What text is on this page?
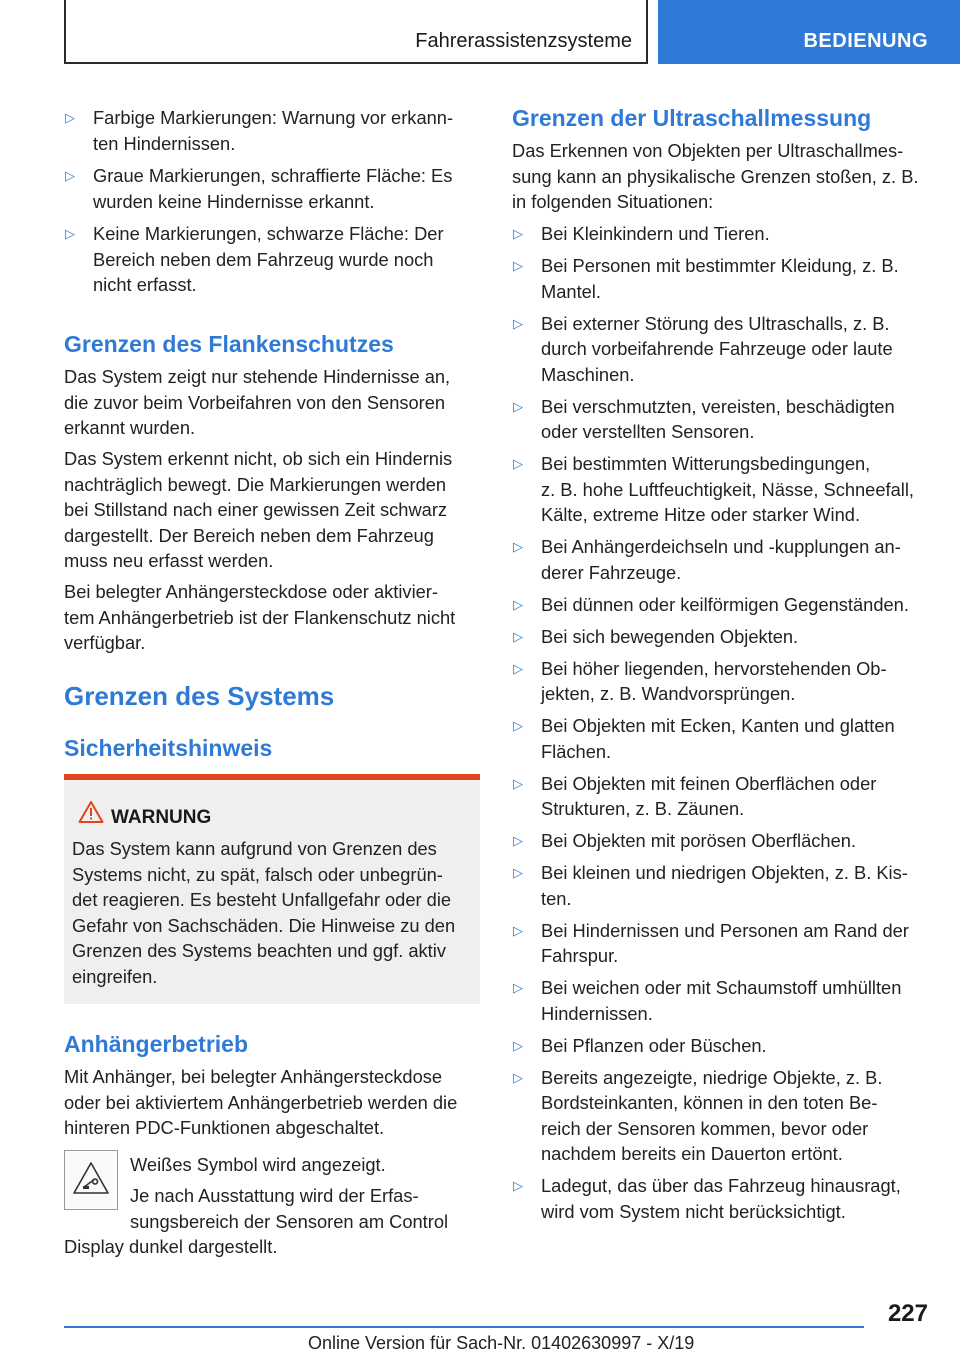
Fahrerassistenzsysteme	BEDIENUNG
▷ Farbige Markierungen: Warnung vor erkann-
ten Hindernissen.
▷ Graue Markierungen, schraffierte Fläche: Es
wurden keine Hindernisse erkannt.
▷ Keine Markierungen, schwarze Fläche: Der
Bereich neben dem Fahrzeug wurde noch
nicht erfasst.
Grenzen des Flankenschutzes
Das System zeigt nur stehende Hindernisse an,
die zuvor beim Vorbeifahren von den Sensoren
erkannt wurden.
Das System erkennt nicht, ob sich ein Hindernis
nachträglich bewegt. Die Markierungen werden
bei Stillstand nach einer gewissen Zeit schwarz
dargestellt. Der Bereich neben dem Fahrzeug
muss neu erfasst werden.
Bei belegter Anhängersteckdose oder aktivier-
tem Anhängerbetrieb ist der Flankenschutz nicht
verfügbar.
Grenzen des Systems
Sicherheitshinweis
WARNUNG
Das System kann aufgrund von Grenzen des
Systems nicht, zu spät, falsch oder unbegrün-
det reagieren. Es besteht Unfallgefahr oder die
Gefahr von Sachschäden. Die Hinweise zu den
Grenzen des Systems beachten und ggf. aktiv
eingreifen.
Anhängerbetrieb
Mit Anhänger, bei belegter Anhängersteckdose
oder bei aktiviertem Anhängerbetrieb werden die
hinteren PDC-Funktionen abgeschaltet.
Weißes Symbol wird angezeigt.
Je nach Ausstattung wird der Erfas-
sungsbereich der Sensoren am Control
Display dunkel dargestellt.
Grenzen der Ultraschallmessung
Das Erkennen von Objekten per Ultraschallmes-
sung kann an physikalische Grenzen stoßen, z. B.
in folgenden Situationen:
▷ Bei Kleinkindern und Tieren.
▷ Bei Personen mit bestimmter Kleidung, z. B.
Mantel.
▷ Bei externer Störung des Ultraschalls, z. B.
durch vorbeifahrende Fahrzeuge oder laute
Maschinen.
▷ Bei verschmutzten, vereisten, beschädigten
oder verstellten Sensoren.
▷ Bei bestimmten Witterungsbedingungen,
z. B. hohe Luftfeuchtigkeit, Nässe, Schneefall,
Kälte, extreme Hitze oder starker Wind.
▷ Bei Anhängerdeichseln und -kupplungen an-
derer Fahrzeuge.
▷ Bei dünnen oder keilförmigen Gegenständen.
▷ Bei sich bewegenden Objekten.
▷ Bei höher liegenden, hervorstehenden Ob-
jekten, z. B. Wandvorsprüngen.
▷ Bei Objekten mit Ecken, Kanten und glatten
Flächen.
▷ Bei Objekten mit feinen Oberflächen oder
Strukturen, z. B. Zäunen.
▷ Bei Objekten mit porösen Oberflächen.
▷ Bei kleinen und niedrigen Objekten, z. B. Kis-
ten.
▷ Bei Hindernissen und Personen am Rand der
Fahrspur.
▷ Bei weichen oder mit Schaumstoff umhüllten
Hindernissen.
▷ Bei Pflanzen oder Büschen.
▷ Bereits angezeigte, niedrige Objekte, z. B.
Bordsteinkanten, können in den toten Be-
reich der Sensoren kommen, bevor oder
nachdem bereits ein Dauerton ertönt.
▷ Ladegut, das über das Fahrzeug hinausragt,
wird vom System nicht berücksichtigt.
227
Online Version für Sach-Nr. 01402630997 - X/19
